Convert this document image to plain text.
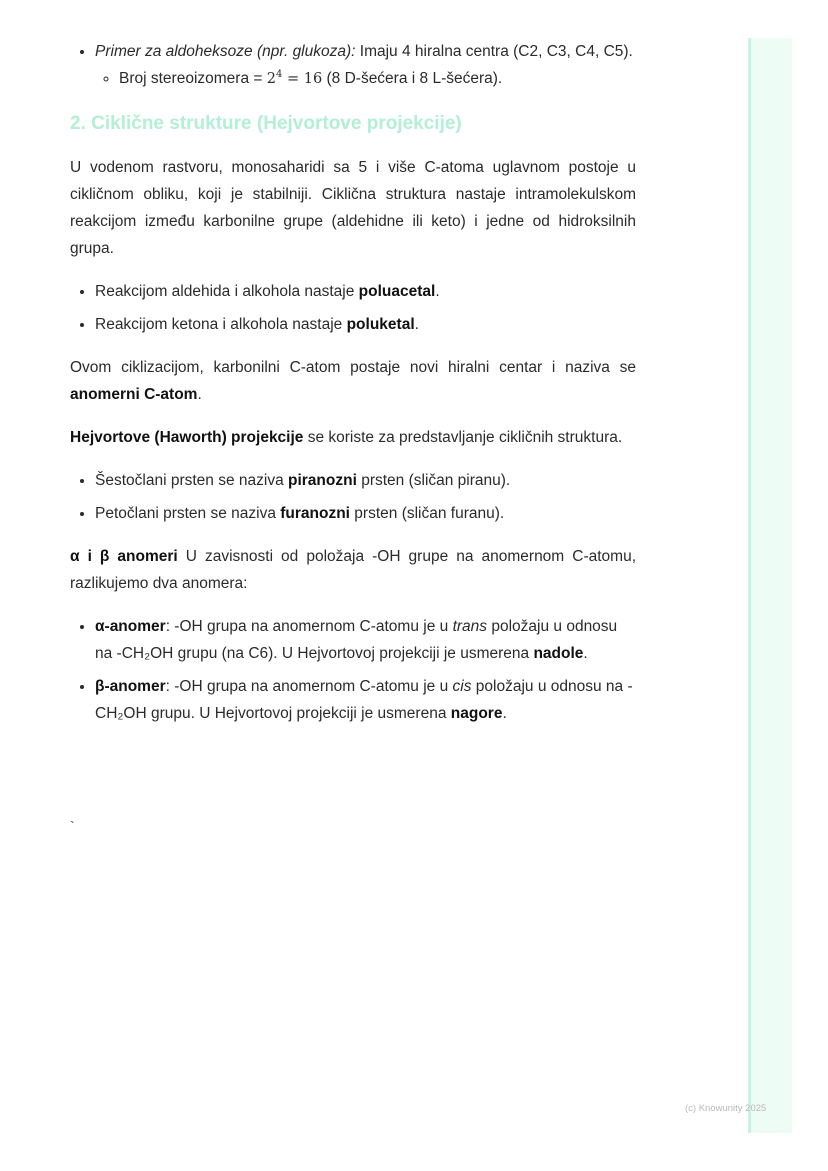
• Primer za aldoheksoze (npr. glukoza): Imaju 4 hiralna centra (C2, C3, C4, C5).
◦ Broj stereoizomera = $2^4 = 16$ (8 D-šećera i 8 L-šećera).
2. Ciklične strukture (Hejvortove projekcije)

U vodenom rastvoru, monosaharidi sa 5 i više C-atoma uglavnom postoje u cikličnom obliku, koji je stabilniji. Ciklična struktura nastaje intramolekulskom reakcijom između karbonilne grupe (aldehidne ili keto) i jedne od hidroksilnih grupa.

• Reakcijom aldehida i alkohola nastaje poluacetal.
• Reakcijom ketona i alkohola nastaje poluketal.

Ovom ciklizacijom, karbonilni C-atom postaje novi hiralni centar i naziva se anomerni C-atom.

Hejvortove (Haworth) projekcije se koriste za predstavljanje cikličnih struktura.

• Šestočlani prsten se naziva piranozni prsten (sličan piranu).
• Petočlani prsten se naziva furanozni prsten (sličan furanu).

α i β anomeri U zavisnosti od položaja -OH grupe na anomernom C-atomu, razlikujemo dva anomera:

• α-anomer: -OH grupa na anomernom C-atomu je u trans položaju u odnosu na -CH₂OH grupu (na C6). U Hejvortovoj projekciji je usmerena nadole.
• β-anomer: -OH grupa na anomernom C-atomu je u cis položaju u odnosu na -CH₂OH grupu. U Hejvortovoj projekciji je usmerena nagore.
`
(c) Knowunity 2025
